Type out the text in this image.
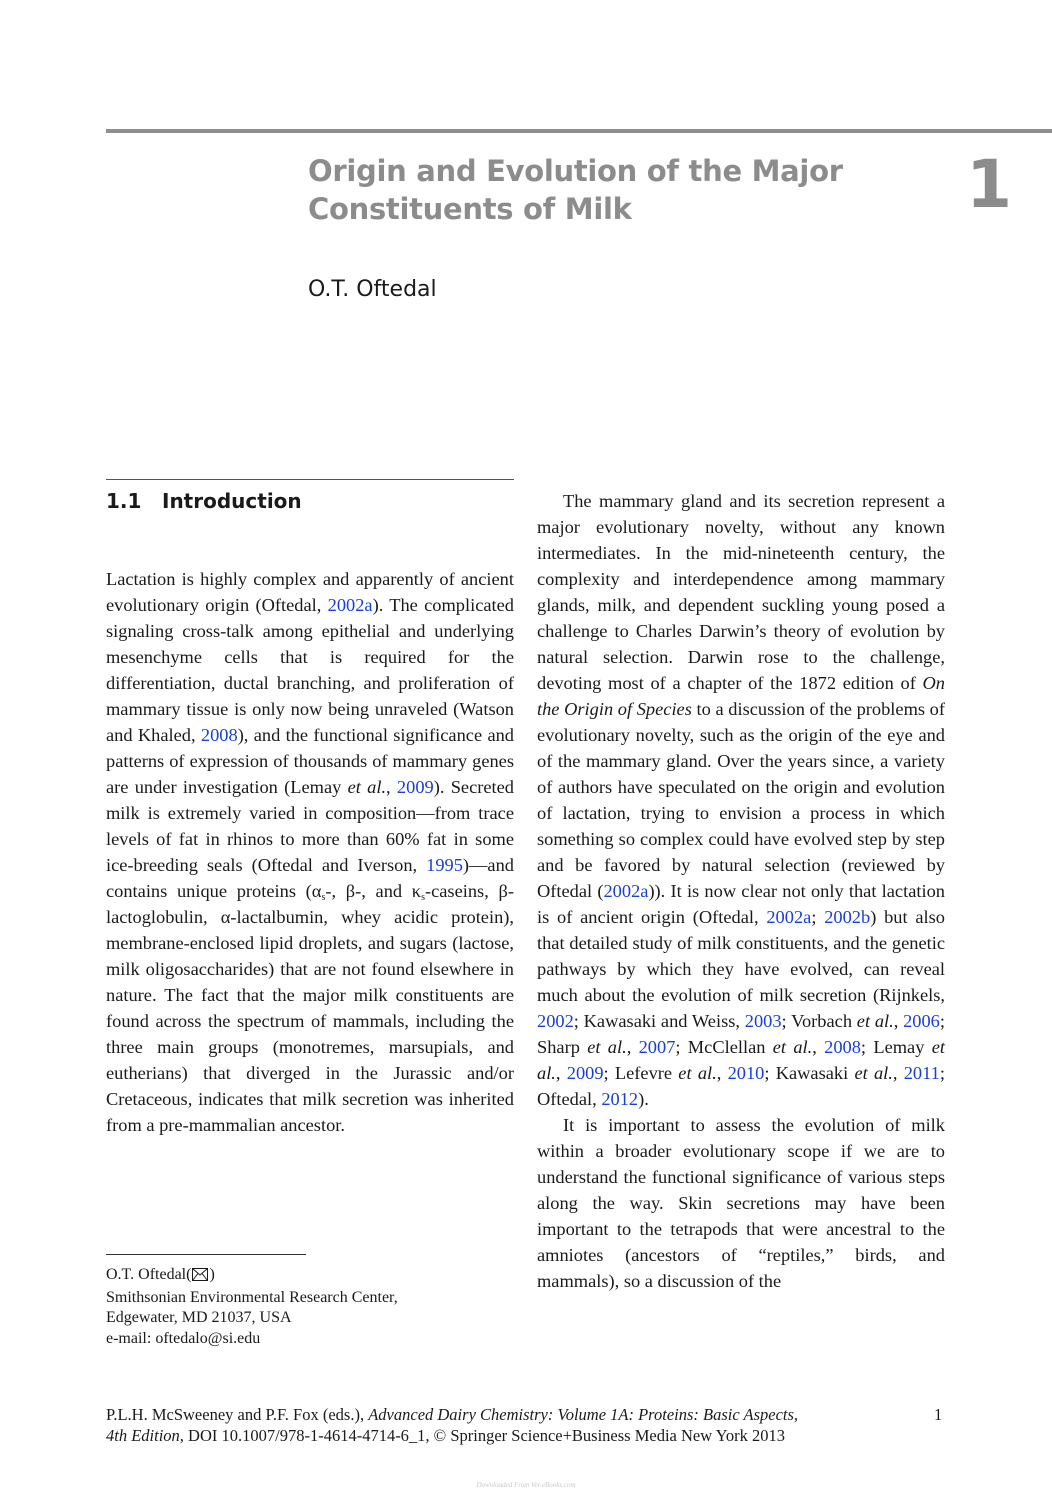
Origin and Evolution of the Major
Constituents of Milk	1
O.T. Oftedal
1.1 Introduction

Lactation is highly complex and apparently of ancient evolutionary origin (Oftedal, 2002a). The complicated signaling cross-talk among epithelial and underlying mesenchyme cells that is required for the differentiation, ductal branching, and proliferation of mammary tissue is only now being unraveled (Watson and Khaled, 2008), and the functional significance and patterns of expression of thousands of mammary genes are under investigation (Lemay et al., 2009). Secreted milk is extremely varied in composition—from trace levels of fat in rhinos to more than 60% fat in some ice-breeding seals (Oftedal and Iverson, 1995)—and contains unique proteins ($\alpha_s-$, β-, and $\kappa_s$-caseins, β-lactoglobulin, α-lactalbumin, whey acidic protein), membrane-enclosed lipid droplets, and sugars (lactose, milk oligosaccharides) that are not found elsewhere in nature. The fact that the major milk constituents are found across the spectrum of mammals, including the three main groups (monotremes, marsupials, and eutherians) that diverged in the Jurassic and/or Cretaceous, indicates that milk secretion was inherited from a pre-mammalian ancestor.

The mammary gland and its secretion represent a major evolutionary novelty, without any known intermediates. In the mid-nineteenth century, the complexity and interdependence among mammary glands, milk, and dependent suckling young posed a challenge to Charles Darwin’s theory of evolution by natural selection. Darwin rose to the challenge, devoting most of a chapter of the 1872 edition of On the Origin of Species to a discussion of the problems of evolutionary novelty, such as the origin of the eye and of the mammary gland. Over the years since, a variety of authors have speculated on the origin and evolution of lactation, trying to envision a process in which something so complex could have evolved step by step and be favored by natural selection (reviewed by Oftedal (2002a)). It is now clear not only that lactation is of ancient origin (Oftedal, 2002a; 2002b) but also that detailed study of milk constituents, and the genetic pathways by which they have evolved, can reveal much about the evolution of milk secretion (Rijnkels, 2002; Kawasaki and Weiss, 2003; Vorbach et al., 2006; Sharp et al., 2007; McClellan et al., 2008; Lemay et al., 2009; Lefevre et al., 2010; Kawasaki et al., 2011; Oftedal, 2012).

It is important to assess the evolution of milk within a broader evolutionary scope if we are to understand the functional significance of various steps along the way. Skin secretions may have been important to the tetrapods that were ancestral to the amniotes (ancestors of “reptiles,” birds, and mammals), so a discussion of the

O.T. Oftedal( )
Smithsonian Environmental Research Center,
Edgewater, MD 21037, USA
e-mail: oftedalo@si.edu
P.L.H. McSweeney and P.F. Fox (eds.), Advanced Dairy Chemistry: Volume 1A: Proteins: Basic Aspects,
4th Edition, DOI 10.1007/978-1-4614-4714-6_1, © Springer Science+Business Media New York 2013
1
Downloaded From Vet-eBooks.com
